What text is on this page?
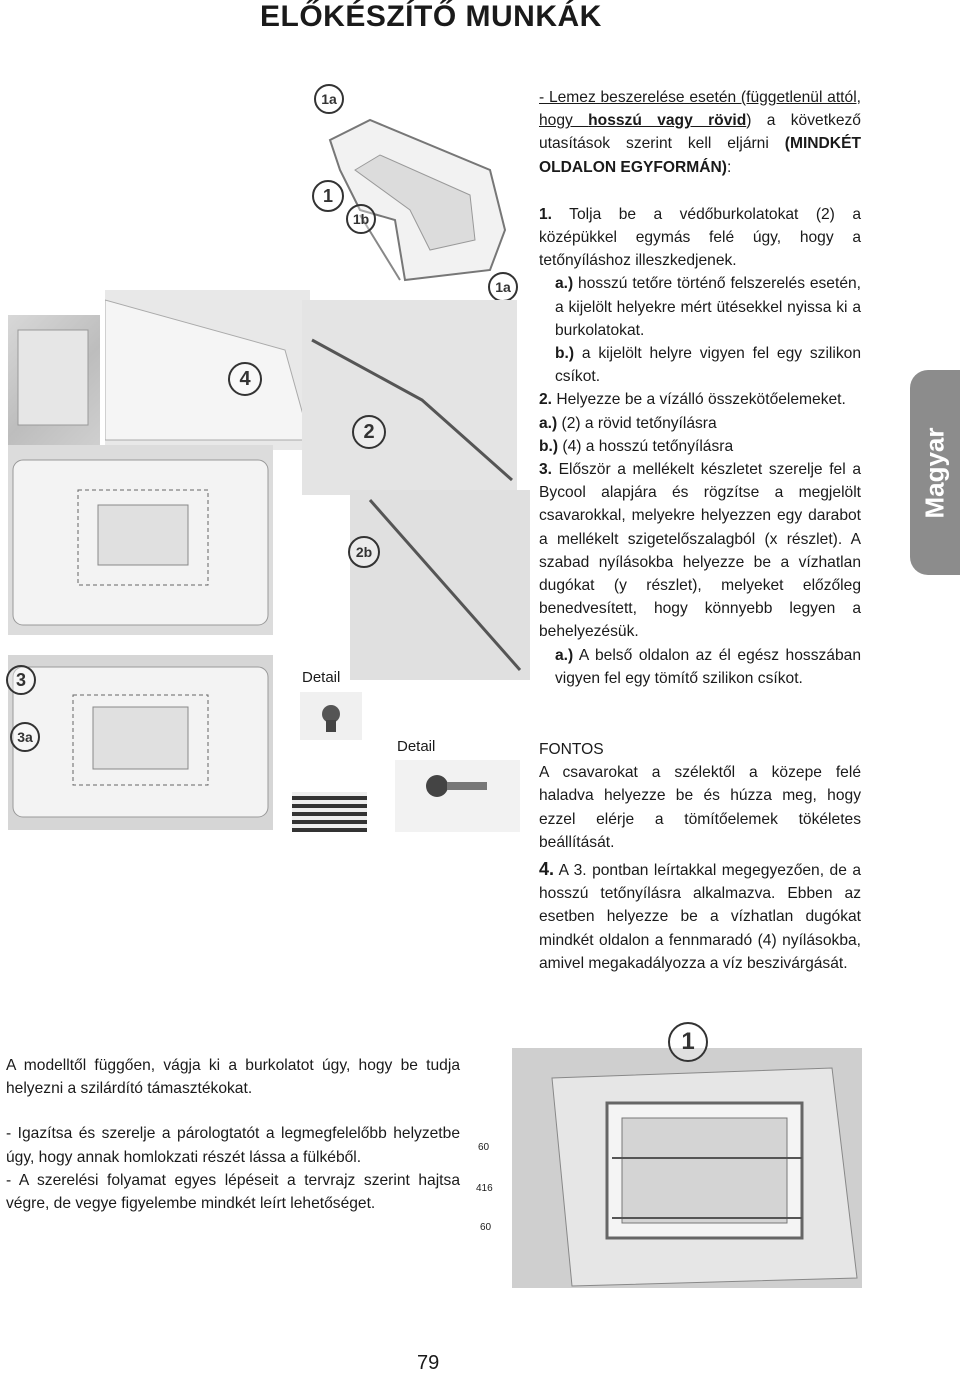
ELŐKÉSZÍTŐ MUNKÁK
Magyar
1a
1
1b
1a
4
2
2b
3
3a
Detail
Detail

- Lemez beszerelése esetén (függetlenül attól, hogy hosszú vagy rövid) a következő utasítások szerint kell eljárni (MINDKÉT OLDALON EGYFORMÁN):

1. Tolja be a védőburkolatokat (2) a középükkel egymás felé úgy, hogy a tetőnyíláshoz illeszkedjenek.

a.) hosszú tetőre történő felszerelés esetén, a kijelölt helyekre mért ütésekkel nyissa ki a burkolatokat.

b.) a kijelölt helyre vigyen fel egy szilikon csíkot.

2. Helyezze be a vízálló összekötőelemeket.

a.) (2) a rövid tetőnyílásra

b.) (4) a hosszú tetőnyílásra

3. Először a mellékelt készletet szerelje fel a Bycool alapjára és rögzítse a megjelölt csavarokkal, melyekre helyezzen egy darabot a mellékelt szigetelőszalagból (x részlet). A szabad nyílásokba helyezze be a vízhatlan dugókat (y részlet), melyeket előzőleg benedvesített, hogy könnyebb legyen a behelyezésük.

a.) A belső oldalon az él egész hosszában vigyen fel egy tömítő szilikon csíkot.

FONTOS

A csavarokat a szélektől a közepe felé haladva helyezze be és húzza meg, hogy ezzel elérje a tömítőelemek tökéletes beállítását.

4. A 3. pontban leírtakkal megegyezően, de a hosszú tetőnyílásra alkalmazva. Ebben az esetben helyezze be a vízhatlan dugókat mindkét oldalon a fennmaradó (4) nyílásokba, amivel megakadályozza a víz beszivárgását.

A modelltől függően, vágja ki a burkolatot úgy, hogy be tudja helyezni a szilárdító támasztékokat.

- Igazítsa és szerelje a párologtatót a legmegfelelőbb helyzetbe úgy, hogy annak homlokzati részét lássa a fülkéből.

- A szerelési folyamat egyes lépéseit a tervrajz szerint hajtsa végre, de vegye figyelembe mindkét leírt lehetőséget.

1
60
416
60
79
